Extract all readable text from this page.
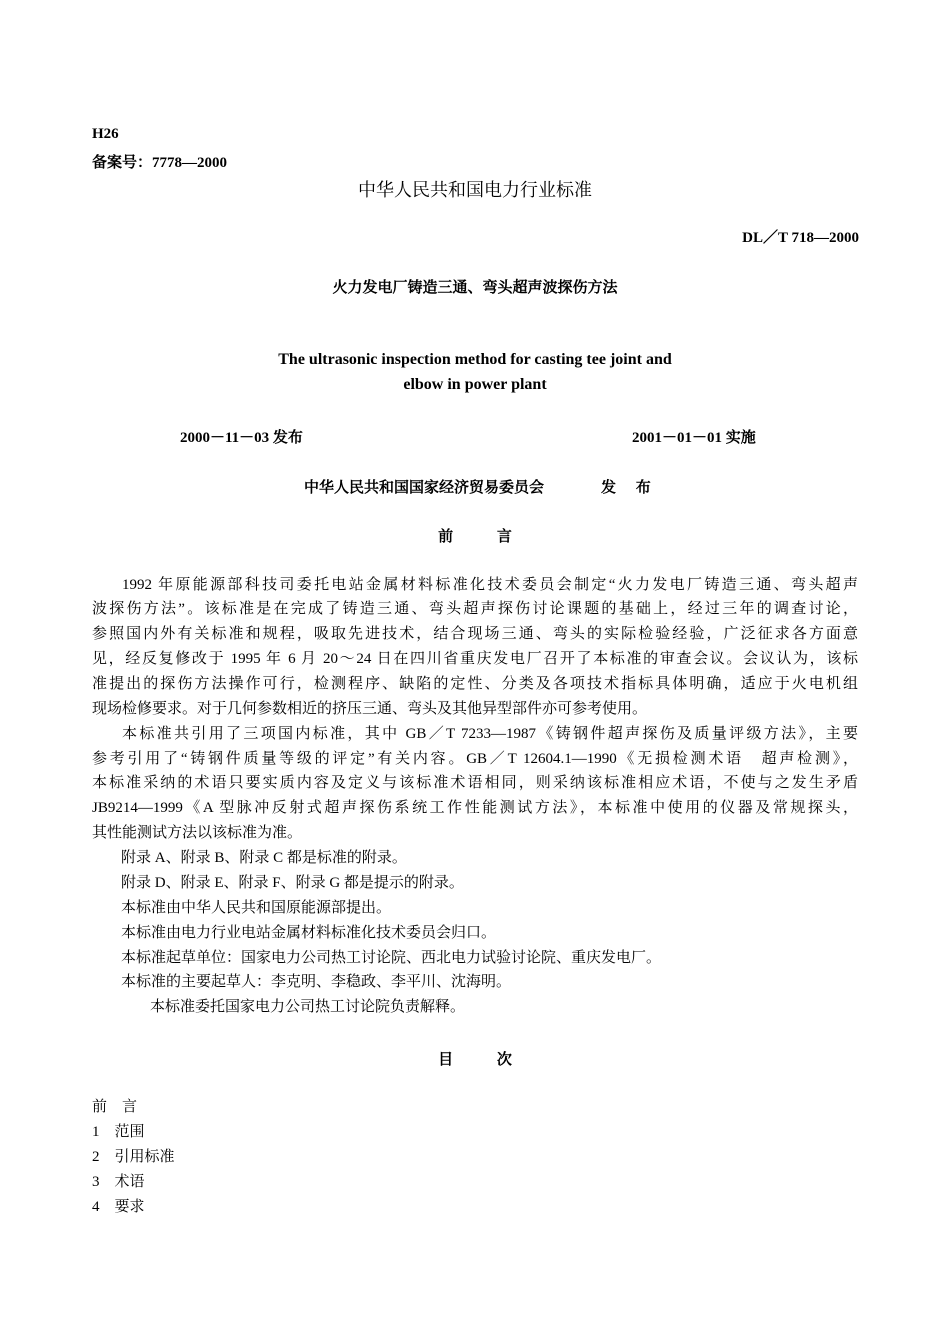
H26
备案号：7778—2000
中华人民共和国电力行业标准
DL／T 718—2000
火力发电厂铸造三通、弯头超声波探伤方法
The ultrasonic inspection method for casting tee joint and
elbow in power plant
2000－11－03 发布	2001－01－01 实施
中华人民共和国国家经济贸易委员会	发 布
前 言
1992 年原能源部科技司委托电站金属材料标准化技术委员会制定“火力发电厂铸造三通、弯头超声
波探伤方法”。该标准是在完成了铸造三通、弯头超声探伤讨论课题的基础上，经过三年的调查讨论，
参照国内外有关标准和规程，吸取先进技术，结合现场三通、弯头的实际检验经验，广泛征求各方面意
见，经反复修改于 1995 年 6 月 20～24 日在四川省重庆发电厂召开了本标准的审查会议。会议认为，该标
准提出的探伤方法操作可行，检测程序、缺陷的定性、分类及各项技术指标具体明确，适应于火电机组
现场检修要求。对于几何参数相近的挤压三通、弯头及其他异型部件亦可参考使用。
本标准共引用了三项国内标准，其中 GB／T 7233—1987《铸钢件超声探伤及质量评级方法》，主要
参考引用了“铸钢件质量等级的评定”有关内容。GB／T 12604.1—1990《无损检测术语　超声检测》，
本标准采纳的术语只要实质内容及定义与该标准术语相同，则采纳该标准相应术语，不使与之发生矛盾
JB9214—1999《A 型脉冲反射式超声探伤系统工作性能测试方法》，本标准中使用的仪器及常规探头，
其性能测试方法以该标准为准。
附录 A、附录 B、附录 C 都是标准的附录。
附录 D、附录 E、附录 F、附录 G 都是提示的附录。
本标准由中华人民共和国原能源部提出。
本标准由电力行业电站金属材料标准化技术委员会归口。
本标准起草单位：国家电力公司热工讨论院、西北电力试验讨论院、重庆发电厂。
本标准的主要起草人：李克明、李稳政、李平川、沈海明。
本标准委托国家电力公司热工讨论院负责解释。
目 次
前　言
1　范围
2　引用标准
3　术语
4　要求
